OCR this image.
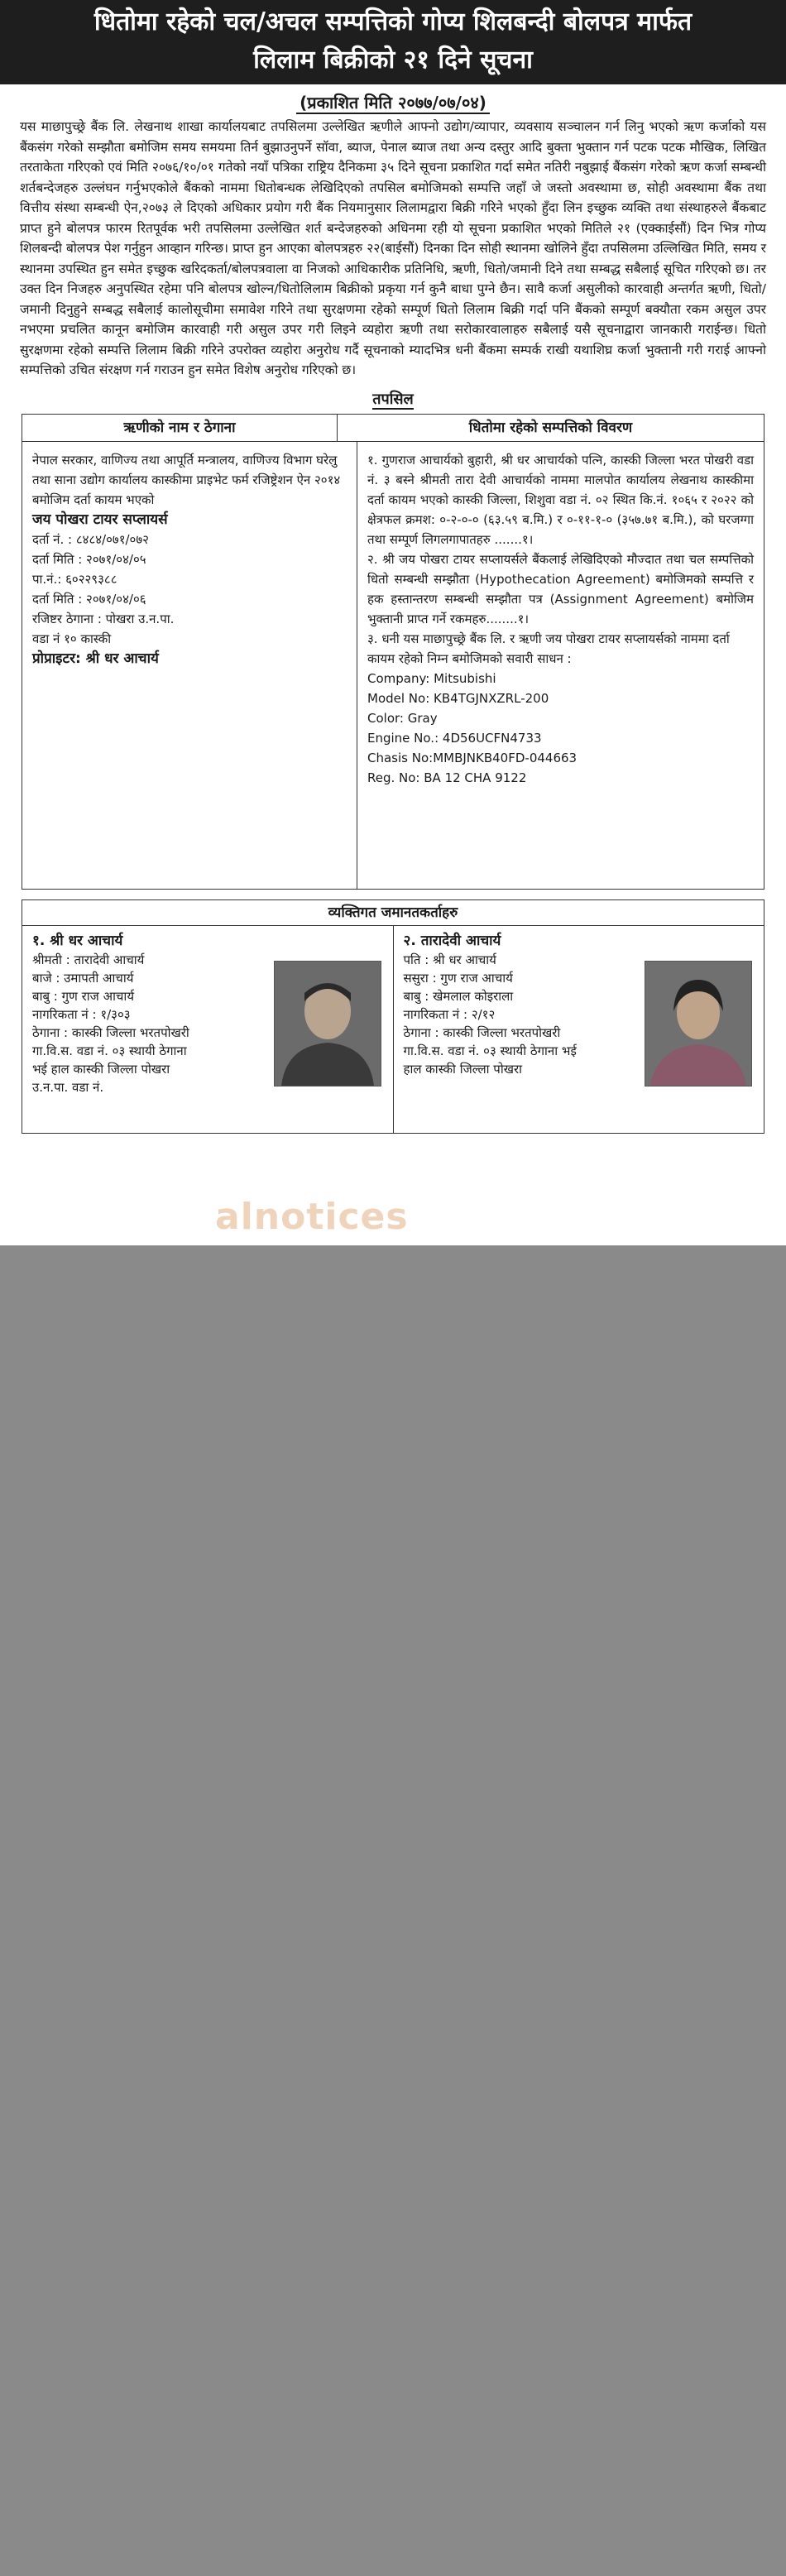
धितोमा रहेको चल/अचल सम्पत्तिको गोप्य शिलबन्दी बोलपत्र मार्फत
लिलाम बिक्रीको २१ दिने सूचना
(प्रकाशित मिति २०७७/०७/०४)
यस माछापुच्छ्रे बैंक लि. लेखनाथ शाखा कार्यालयबाट तपसिलमा उल्लेखित ऋणीले आफ्नो उद्योग/व्यापार, व्यवसाय सञ्चालन गर्न लिनु भएको ऋण कर्जाको यस बैंकसंग गरेको सम्झौता बमोजिम समय समयमा तिर्न बुझाउनुपर्ने सॉवा, ब्याज, पेनाल ब्याज तथा अन्य दस्तुर आदि बुक्ता भुक्तान गर्न पटक पटक मौखिक, लिखित तरताकेता गरिएको एवं मिति २०७६/१०/०१ गतेको नयाँ पत्रिका राष्ट्रिय दैनिकमा ३५ दिने सूचना प्रकाशित गर्दा समेत नतिरी नबुझाई बैंकसंग गरेको ऋण कर्जा सम्बन्धी शर्तबन्देजहरु उल्लंघन गर्नुभएकोले बैंकको नाममा धितोबन्धक लेखिदिएको तपसिल बमोजिमको सम्पत्ति जहाँ जे जस्तो अवस्थामा छ, सोही अवस्थामा बैंक तथा वित्तीय संस्था सम्बन्धी ऐन,२०७३ ले दिएको अधिकार प्रयोग गरी बैंक नियमानुसार लिलामद्वारा बिक्री गरिने भएको हुँदा लिन इच्छुक व्यक्ति तथा संस्थाहरुले बैंकबाट प्राप्त हुने बोलपत्र फारम रितपूर्वक भरी तपसिलमा उल्लेखित शर्त बन्देजहरुको अधिनमा रही यो सूचना प्रकाशित भएको मितिले २१ (एक्काईसौं) दिन भित्र गोप्य शिलबन्दी बोलपत्र पेश गर्नुहुन आव्हान गरिन्छ। प्राप्त हुन आएका बोलपत्रहरु २२(बाईसौं) दिनका दिन सोही स्थानमा खोलिने हुँदा तपसिलमा उल्लिखित मिति, समय र स्थानमा उपस्थित हुन समेत इच्छुक खरिदकर्ता/बोलपत्रवाला वा निजको आधिकारीक प्रतिनिधि, ऋणी, धितो/जमानी दिने तथा सम्बद्ध सबैलाई सूचित गरिएको छ। तर उक्त दिन निजहरु अनुपस्थित रहेमा पनि बोलपत्र खोल्न/धितोलिलाम बिक्रीको प्रकृया गर्न कुनै बाधा पुग्ने छैन। सावै कर्जा असुलीको कारवाही अन्तर्गत ऋणी, धितो/जमानी दिनुहुने सम्बद्ध सबैलाई कालोसूचीमा समावेश गरिने तथा सुरक्षणमा रहेको सम्पूर्ण धितो लिलाम बिक्री गर्दा पनि बैंकको सम्पूर्ण बक्यौता रकम असुल उपर नभएमा प्रचलित कानून बमोजिम कारवाही गरी असुल उपर गरी लिइने व्यहोरा ऋणी तथा सरोकारवालाहरु सबैलाई यसै सूचनाद्वारा जानकारी गराईन्छ। धितो सुरक्षणमा रहेको सम्पत्ति लिलाम बिक्री गरिने उपरोक्त व्यहोरा अनुरोध गर्दै सूचनाको म्यादभित्र धनी बैंकमा सम्पर्क राखी यथाशिघ्र कर्जा भुक्तानी गरी गराई आफ्नो सम्पत्तिको उचित संरक्षण गर्न गराउन हुन समेत विशेष अनुरोध गरिएको छ।
तपसिल
ऋणीको नाम र ठेगाना	धितोमा रहेको सम्पत्तिको विवरण

नेपाल सरकार, वाणिज्य तथा आपूर्ति मन्त्रालय, वाणिज्य विभाग घरेलु तथा साना उद्योग कार्यालय कास्कीमा प्राइभेट फर्म रजिष्ट्रेशन ऐन २०१४ बमोजिम दर्ता कायम भएको

जय पोखरा टायर सप्लायर्स

दर्ता नं. : ८४८४/०७१/०७२

दर्ता मिति : २०७१/०४/०५

पा.नं.: ६०२२९३८८

दर्ता मिति : २०७१/०४/०६

रजिष्टर ठेगाना : पोखरा उ.न.पा.

वडा नं १० कास्की

प्रोप्राइटर: श्री धर आचार्य

१. गुणराज आचार्यको बुहारी, श्री धर आचार्यको पत्नि, कास्की जिल्ला भरत पोखरी वडा नं. ३ बस्ने श्रीमती तारा देवी आचार्यको नाममा मालपोत कार्यालय लेखनाथ कास्कीमा दर्ता कायम भएको कास्की जिल्ला, शिशुवा वडा नं. ०२ स्थित कि.नं. १०६५ र २०२२ को क्षेत्रफल क्रमश: ०-२-०-० (६३.५९ ब.मि.) र ०-११-१-० (३५७.७१ ब.मि.), को घरजग्गा तथा सम्पूर्ण लिगलगापातहरु .......१।

२. श्री जय पोखरा टायर सप्लायर्सले बैंकलाई लेखिदिएको मौज्दात तथा चल सम्पत्तिको धितो सम्बन्धी सम्झौता (Hypothecation Agreement) बमोजिमको सम्पत्ति र हक हस्तान्तरण सम्बन्धी सम्झौता पत्र (Assignment Agreement) बमोजिम भुक्तानी प्राप्त गर्ने रकमहरु........१।

३. धनी यस माछापुच्छ्रे बैंक लि. र ऋणी जय पोखरा टायर सप्लायर्सको नाममा दर्ता कायम रहेको निम्न बमोजिमको सवारी साधन :

Company: Mitsubishi

Model No: KB4TGJNXZRL-200

Color: Gray

Engine No.: 4D56UCFN4733

Chasis No:MMBJNKB40FD-044663

Reg. No: BA 12 CHA 9122

व्यक्तिगत जमानतकर्ताहरु
१. श्री धर आचार्य
श्रीमती : तारादेवी आचार्य
बाजे : उमापती आचार्य
बाबु : गुण राज आचार्य
नागरिकता नं : १/३०३
ठेगाना : कास्की जिल्ला भरतपोखरी
गा.वि.स. वडा नं. ०३ स्थायी ठेगाना
भई हाल कास्की जिल्ला पोखरा
उ.न.पा. वडा नं.
२. तारादेवी आचार्य
पति : श्री धर आचार्य
ससुरा : गुण राज आचार्य
बाबु : खेमलाल कोइराला
नागरिकता नं : २/१२
ठेगाना : कास्की जिल्ला भरतपोखरी
गा.वि.स. वडा नं. ०३ स्थायी ठेगाना भई
हाल कास्की जिल्ला पोखरा
alnotices
